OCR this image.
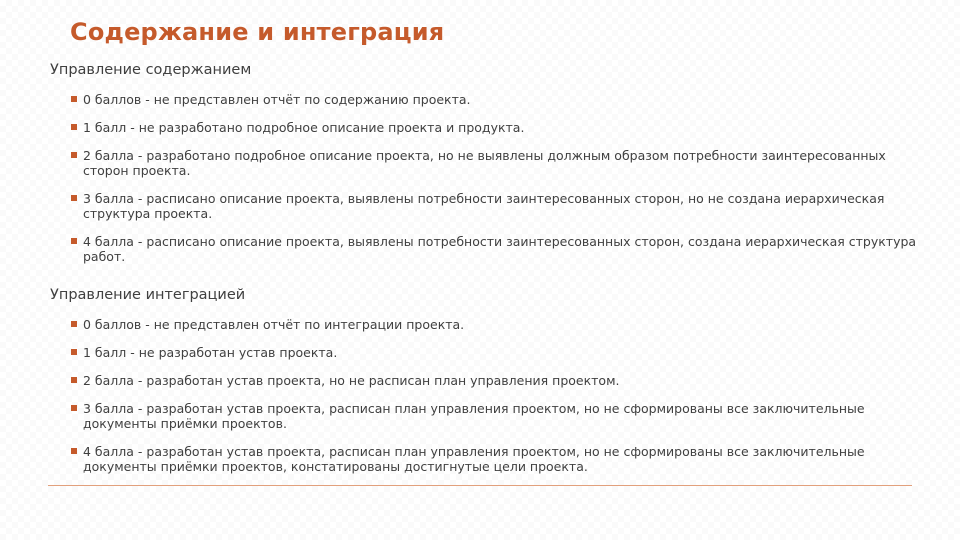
Содержание и интеграция

Управление содержанием

0 баллов - не представлен отчёт по содержанию проекта.
1 балл - не разработано подробное описание проекта и продукта.
2 балла - разработано подробное описание проекта, но не выявлены должным образом потребности заинтересованных сторон проекта.
3 балла - расписано описание проекта, выявлены потребности заинтересованных сторон, но не создана иерархическая структура проекта.
4 балла - расписано описание проекта, выявлены потребности заинтересованных сторон, создана иерархическая структура работ.

Управление интеграцией

0 баллов - не представлен отчёт по интеграции проекта.
1 балл - не разработан устав проекта.
2 балла - разработан устав проекта, но не расписан план управления проектом.
3 балла - разработан устав проекта, расписан план управления проектом, но не сформированы все заключительные документы приёмки проектов.
4 балла - разработан устав проекта, расписан план управления проектом, но не сформированы все заключительные документы приёмки проектов, констатированы достигнутые цели проекта.
